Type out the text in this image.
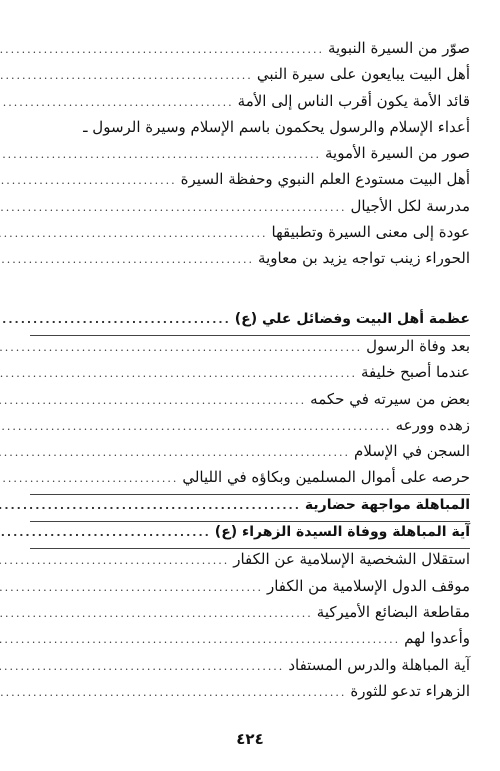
صوّر من السيرة النبوية
.....
أهل البيت يبايعون على سيرة النبي
.....
قائد الأمة يكون أقرب الناس إلى الأمة
.....
أعداء الإسلام والرسول يحكمون باسم الإسلام وسيرة الرسول ـ
صور من السيرة الأموية
.....
أهل البيت مستودع العلم النبوي وحفظة السيرة
.....
مدرسة لكل الأجيال
.....
عودة إلى معنى السيرة وتطبيقها
.....
الحوراء زينب تواجه يزيد بن معاوية
.....
عظمة أهل البيت وفضائل علي (ع)
.....
بعد وفاة الرسول
.....
عندما أصبح خليفة
.....
بعض من سيرته في حكمه
.....
زهده وورعه
.....
السجن في الإسلام
.....
حرصه على أموال المسلمين وبكاؤه في الليالي
.....
المباهلة مواجهة حضارية
.....
آية المباهلة ووفاة السيدة الزهراء (ع)
.....
استقلال الشخصية الإسلامية عن الكفار
.....
موقف الدول الإسلامية من الكفار
.....
مقاطعة البضائع الأميركية
.....
وأعدوا لهم
.....
آية المباهلة والدرس المستفاد
.....
الزهراء تدعو للثورة
.....
٤٢٤
